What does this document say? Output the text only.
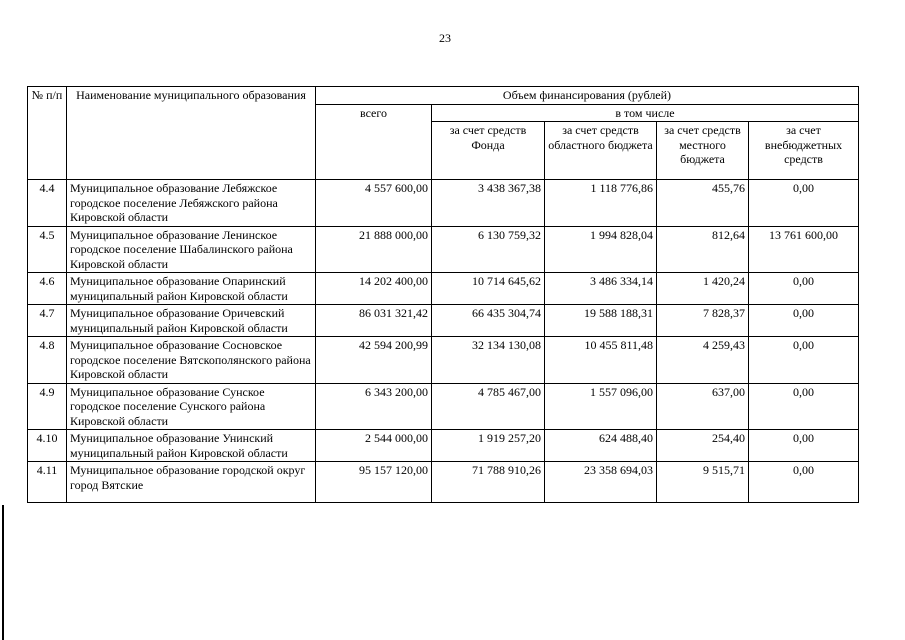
23
№ п/п	Наименование муниципального образования	Объем финансирования (рублей)				
		всего	в том числе			
			за счет средств Фонда	за счет средств областного бюджета	за счет средств местного бюджета	за счет внебюджетных средств
4.4	Муниципальное образование Лебяжское городское поселение Лебяжского района Кировской области	4 557 600,00	3 438 367,38	1 118 776,86	455,76	0,00
4.5	Муниципальное образование Ленинское городское поселение Шабалинского района Кировской области	21 888 000,00	6 130 759,32	1 994 828,04	812,64	13 761 600,00
4.6	Муниципальное образование Опаринский муниципальный район Кировской области	14 202 400,00	10 714 645,62	3 486 334,14	1 420,24	0,00
4.7	Муниципальное образование Оричевский муниципальный район Кировской области	86 031 321,42	66 435 304,74	19 588 188,31	7 828,37	0,00
4.8	Муниципальное образование Сосновское городское поселение Вятскополянского района Кировской области	42 594 200,99	32 134 130,08	10 455 811,48	4 259,43	0,00
4.9	Муниципальное образование Сунское городское поселение Сунского района Кировской области	6 343 200,00	4 785 467,00	1 557 096,00	637,00	0,00
4.10	Муниципальное образование Унинский муниципальный район Кировской области	2 544 000,00	1 919 257,20	624 488,40	254,40	0,00
4.11	Муниципальное образование городской округ город Вятские	95 157 120,00	71 788 910,26	23 358 694,03	9 515,71	0,00
